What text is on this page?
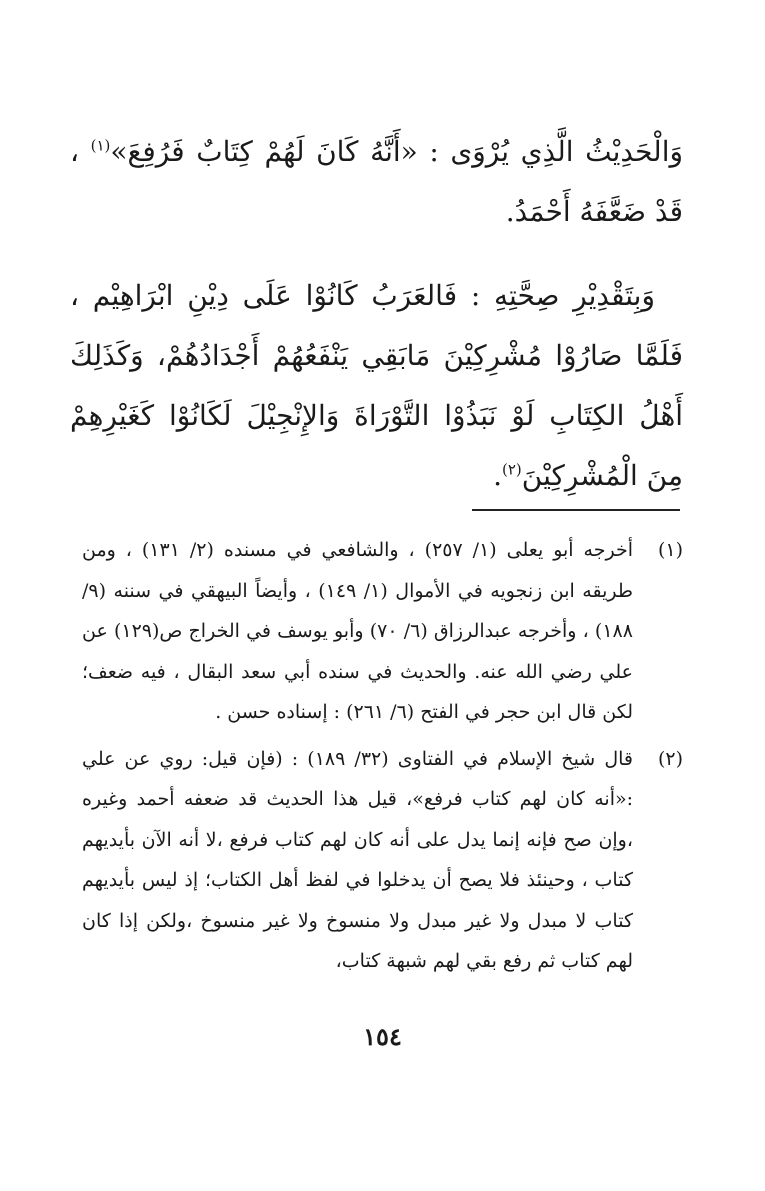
وَالْحَدِيْثُ الَّذِي يُرْوَى : «أَنَّهُ كَانَ لَهُمْ كِتَابٌ فَرُفِعَ»$^{(١)}$ ، قَدْ ضَعَّفَهُ أَحْمَدُ.

وَبِتَقْدِيْرِ صِحَّتِهِ : فَالعَرَبُ كَانُوْا عَلَى دِيْنِ ابْرَاهِيْم ، فَلَمَّا صَارُوْا مُشْرِكِيْنَ مَابَقِي يَنْفَعُهُمْ أَجْدَادُهُمْ، وَكَذَلِكَ أَهْلُ الكِتَابِ لَوْ نَبَذُوْا التَّوْرَاةَ وَالإِنْجِيْلَ لَكَانُوْا كَغَيْرِهِمْ مِنَ الْمُشْرِكِيْنَ$^{(٢)}$.

(١)
أخرجه أبو يعلى (١/ ٢٥٧) ، والشافعي في مسنده (٢/ ١٣١) ، ومن طريقه ابن زنجويه في الأموال (١/ ١٤٩) ، وأيضاً البيهقي في سننه (٩/ ١٨٨) ، وأخرجه عبدالرزاق (٦/ ٧٠) وأبو يوسف في الخراج ص(١٢٩) عن علي رضي الله عنه. والحديث في سنده أبي سعد البقال ، فيه ضعف؛ لكن قال ابن حجر في الفتح (٦/ ٢٦١) : إسناده حسن .
(٢)
قال شيخ الإسلام في الفتاوى (٣٢/ ١٨٩) : (فإن قيل: روي عن علي :«أنه كان لهم كتاب فرفع»، قيل هذا الحديث قد ضعفه أحمد وغيره ،وإن صح فإنه إنما يدل على أنه كان لهم كتاب فرفع ،لا أنه الآن بأيديهم كتاب ، وحينئذ فلا يصح أن يدخلوا في لفظ أهل الكتاب؛ إذ ليس بأيديهم كتاب لا مبدل ولا غير مبدل ولا منسوخ ولا غير منسوخ ،ولكن إذا كان لهم كتاب ثم رفع بقي لهم شبهة كتاب،
١٥٤
